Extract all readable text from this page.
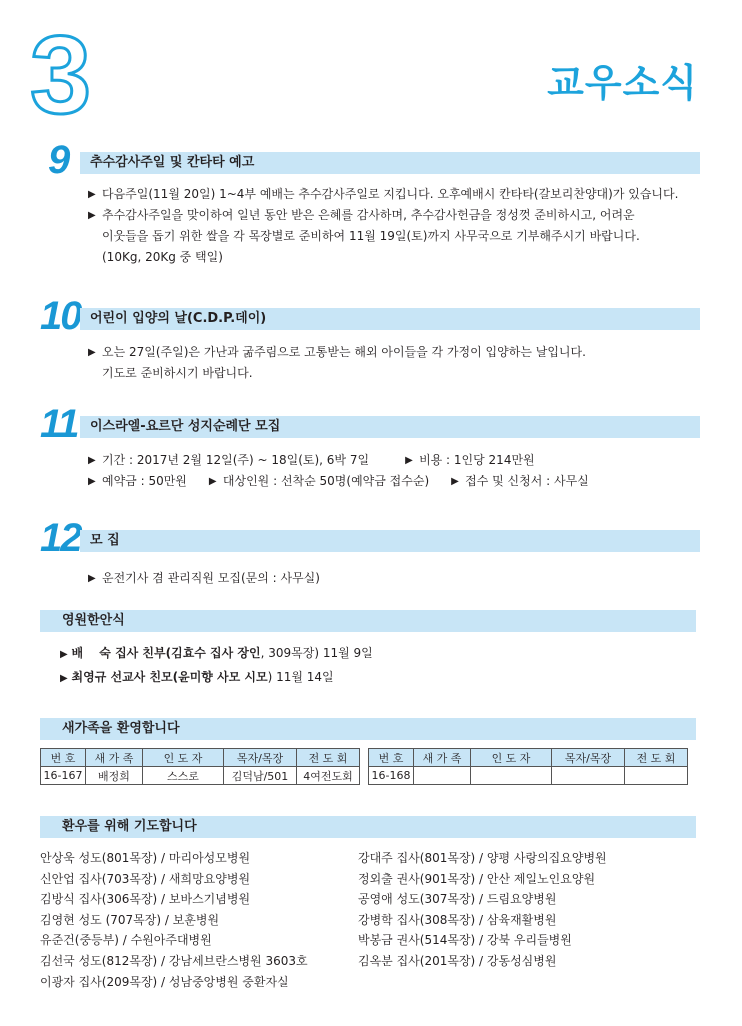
3	교우소식
9	추수감사주일 및 칸타타 예고
▶ 다음주일(11월 20일) 1~4부 예배는 추수감사주일로 지킵니다. 오후예배시 칸타타(갈보리찬양대)가 있습니다.
▶ 추수감사주일을 맞이하여 일년 동안 받은 은혜를 감사하며, 추수감사헌금을 정성껏 준비하시고, 어려운
이웃들을 돕기 위한 쌀을 각 목장별로 준비하여 11월 19일(토)까지 사무국으로 기부해주시기 바랍니다.
(10Kg, 20Kg 중 택일)
10 어린이 입양의 날(C.D.P.데이)
▶ 오는 27일(주일)은 가난과 굶주림으로 고통받는 해외 아이들을 각 가정이 입양하는 날입니다.
기도로 준비하시기 바랍니다.
11 이스라엘-요르단 성지순례단 모집
▶ 기간 : 2017년 2월 12일(주) ~ 18일(토), 6박 7일	▶ 비용 : 1인당 214만원
▶ 예약금 : 50만원 ▶ 대상인원 : 선착순 50명(예약금 접수순) ▶ 접수 및 신청서 : 사무실
12 모 집
▶ 운전기사 겸 관리직원 모집(문의 : 사무실)
영원한안식
▶ 배 　숙 집사 친부(김효수 집사 장인, 309목장) 11월 9일
▶ 최영규 선교사 친모(윤미향 사모 시모) 11월 14일
새가족을 환영합니다
번 호	새 가 족	인 도 자	목자/목장	전 도 회
16-167	배정희	스스로	김덕남/501	4여전도회
번 호	새 가 족	인 도 자	목자/목장	전 도 회
16-168				
환우를 위해 기도합니다
안상욱 성도(801목장) / 마리아성모병원
신안업 집사(703목장) / 새희망요양병원
김방식 집사(306목장) / 보바스기념병원
김영현 성도 (707목장) / 보훈병원
유준건(중등부) / 수원아주대병원
김선국 성도(812목장) / 강남세브란스병원 3603호
이광자 집사(209목장) / 성남중앙병원 중환자실
강대주 집사(801목장) / 양평 사랑의집요양병원
정외출 권사(901목장) / 안산 제일노인요양원
공영애 성도(307목장) / 드림요양병원
강병학 집사(308목장) / 삼육재활병원
박봉금 권사(514목장) / 강북 우리들병원
김옥분 집사(201목장) / 강동성심병원
